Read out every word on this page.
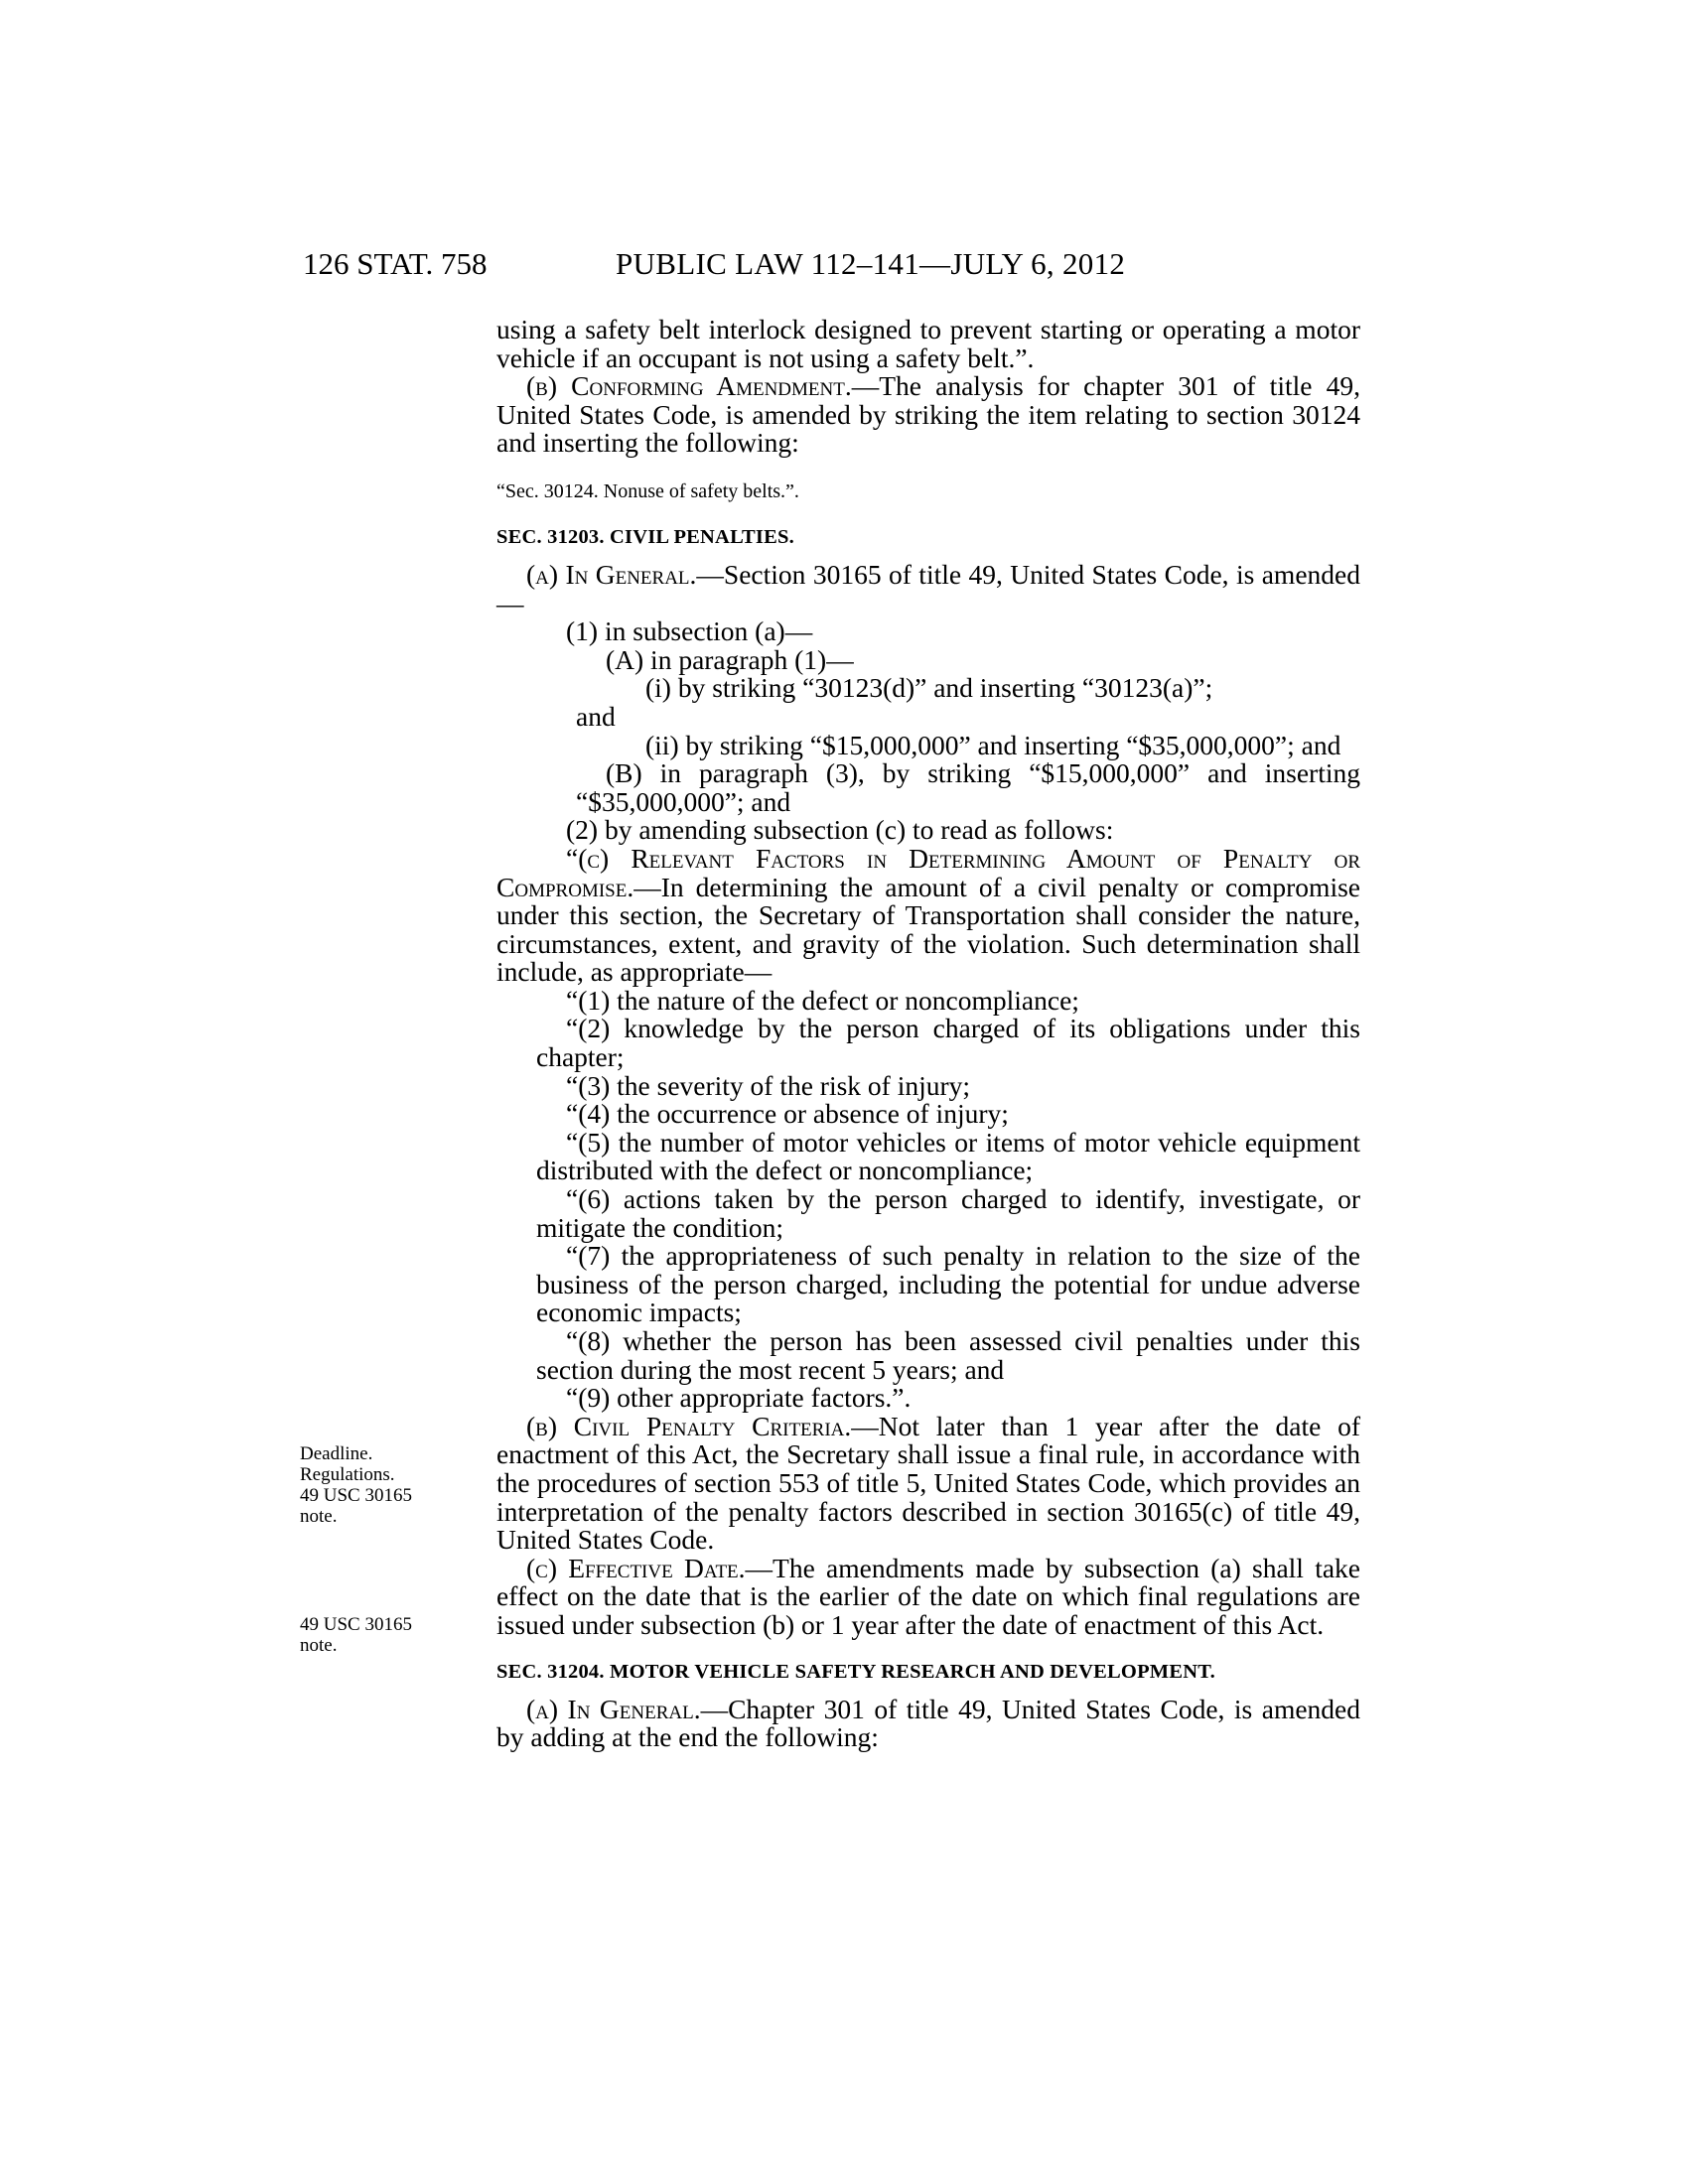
126 STAT. 758	PUBLIC LAW 112–141—JULY 6, 2012
Deadline.
Regulations.
49 USC 30165
note.
49 USC 30165
note.

using a safety belt interlock designed to prevent starting or operating a motor vehicle if an occupant is not using a safety belt.”.

(b) Conforming Amendment.—The analysis for chapter 301 of title 49, United States Code, is amended by striking the item relating to section 30124 and inserting the following:

“Sec. 30124. Nonuse of safety belts.”.

SEC. 31203. CIVIL PENALTIES.

(a) In General.—Section 30165 of title 49, United States Code, is amended—

(1) in subsection (a)—

(A) in paragraph (1)—

(i) by striking “30123(d)” and inserting “30123(a)”;

and

(ii) by striking “$15,000,000” and inserting “$35,000,000”; and

(B) in paragraph (3), by striking “$15,000,000” and inserting “$35,000,000”; and

(2) by amending subsection (c) to read as follows:

“(c) Relevant Factors in Determining Amount of Penalty or Compromise.—In determining the amount of a civil penalty or compromise under this section, the Secretary of Transportation shall consider the nature, circumstances, extent, and gravity of the violation. Such determination shall include, as appropriate—

“(1) the nature of the defect or noncompliance;

“(2) knowledge by the person charged of its obligations under this chapter;

“(3) the severity of the risk of injury;

“(4) the occurrence or absence of injury;

“(5) the number of motor vehicles or items of motor vehicle equipment distributed with the defect or noncompliance;

“(6) actions taken by the person charged to identify, investigate, or mitigate the condition;

“(7) the appropriateness of such penalty in relation to the size of the business of the person charged, including the potential for undue adverse economic impacts;

“(8) whether the person has been assessed civil penalties under this section during the most recent 5 years; and

“(9) other appropriate factors.”.

(b) Civil Penalty Criteria.—Not later than 1 year after the date of enactment of this Act, the Secretary shall issue a final rule, in accordance with the procedures of section 553 of title 5, United States Code, which provides an interpretation of the penalty factors described in section 30165(c) of title 49, United States Code.

(c) Effective Date.—The amendments made by subsection (a) shall take effect on the date that is the earlier of the date on which final regulations are issued under subsection (b) or 1 year after the date of enactment of this Act.

SEC. 31204. MOTOR VEHICLE SAFETY RESEARCH AND DEVELOPMENT.

(a) In General.—Chapter 301 of title 49, United States Code, is amended by adding at the end the following:
